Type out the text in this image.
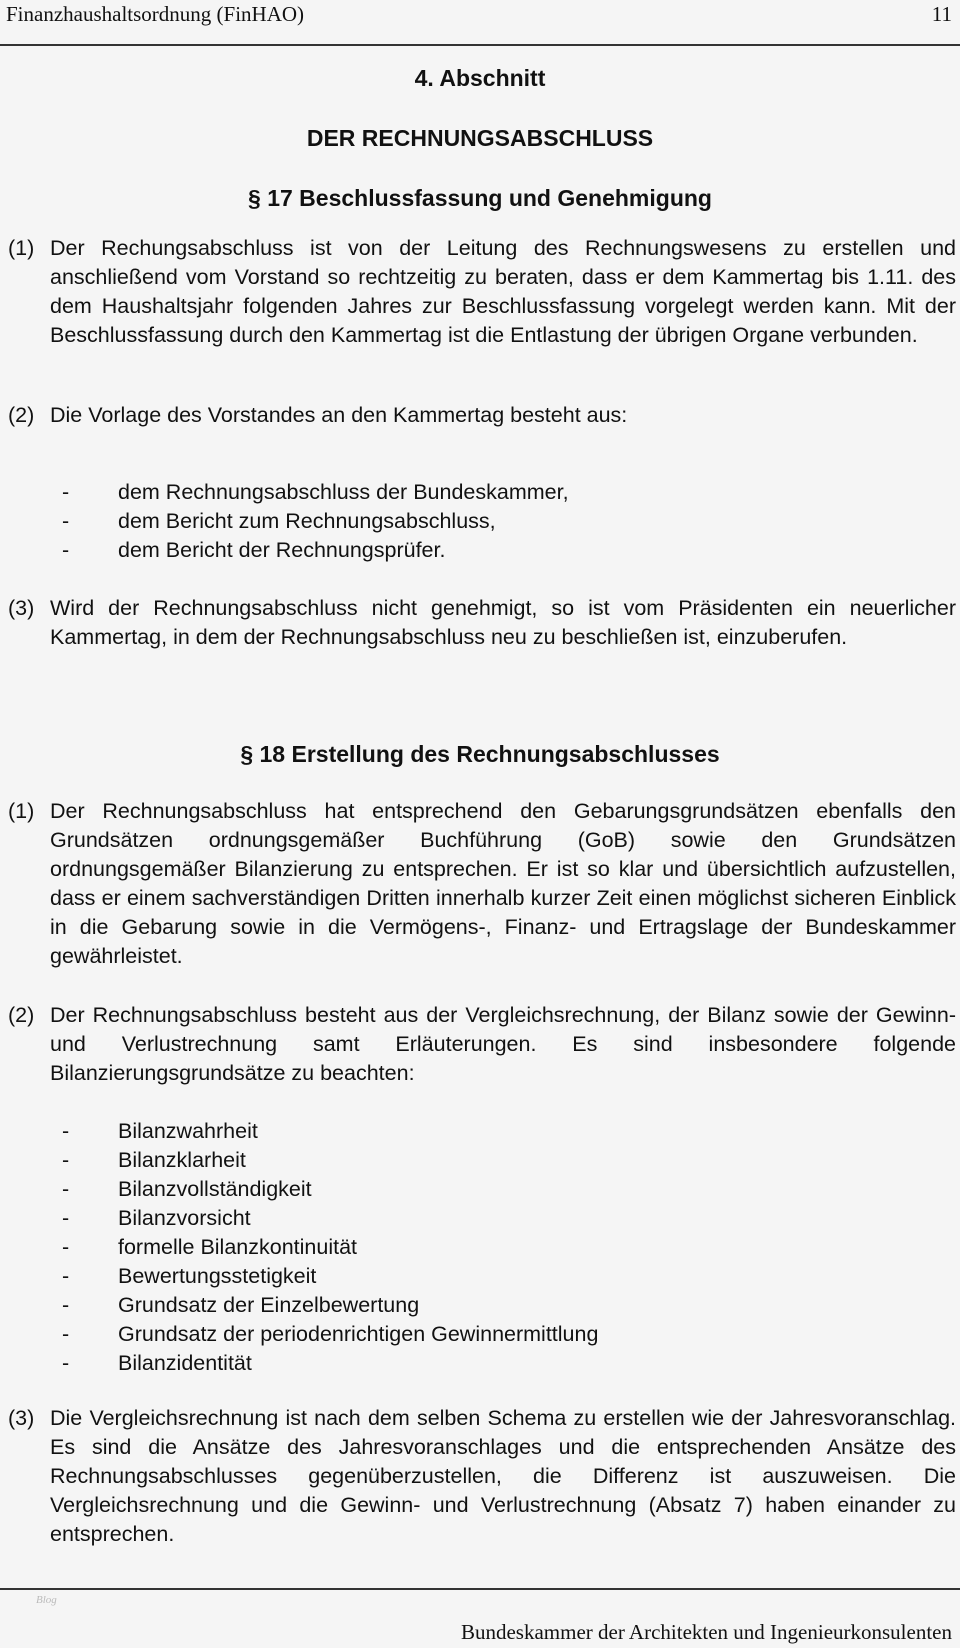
Finanzhaushaltsordnung (FinHAO)	11
4. Abschnitt
DER RECHNUNGSABSCHLUSS
§ 17 Beschlussfassung und Genehmigung
(1) Der Rechungsabschluss ist von der Leitung des Rechnungswesens zu erstellen und anschließend vom Vorstand so rechtzeitig zu beraten, dass er dem Kammertag bis 1.11. des dem Haushaltsjahr folgenden Jahres zur Beschlussfassung vorgelegt werden kann. Mit der Beschlussfassung durch den Kammertag ist die Entlastung der übrigen Organe verbunden.
(2) Die Vorlage des Vorstandes an den Kammertag besteht aus:
- dem Rechnungsabschluss der Bundeskammer,
- dem Bericht zum Rechnungsabschluss,
- dem Bericht der Rechnungsprüfer.
(3) Wird der Rechnungsabschluss nicht genehmigt, so ist vom Präsidenten ein neuerlicher Kammertag, in dem der Rechnungsabschluss neu zu beschließen ist, einzuberufen.
§ 18 Erstellung des Rechnungsabschlusses
(1) Der Rechnungsabschluss hat entsprechend den Gebarungsgrundsätzen ebenfalls den Grundsätzen ordnungsgemäßer Buchführung (GoB) sowie den Grundsätzen ordnungsgemäßer Bilanzierung zu entsprechen. Er ist so klar und übersichtlich aufzustellen, dass er einem sachverständigen Dritten innerhalb kurzer Zeit einen möglichst sicheren Einblick in die Gebarung sowie in die Vermögens-, Finanz- und Ertragslage der Bundeskammer gewährleistet.
(2) Der Rechnungsabschluss besteht aus der Vergleichsrechnung, der Bilanz sowie der Gewinn- und Verlustrechnung samt Erläuterungen. Es sind insbesondere folgende Bilanzierungsgrundsätze zu beachten:
- Bilanzwahrheit
- Bilanzklarheit
- Bilanzvollständigkeit
- Bilanzvorsicht
- formelle Bilanzkontinuität
- Bewertungsstetigkeit
- Grundsatz der Einzelbewertung
- Grundsatz der periodenrichtigen Gewinnermittlung
- Bilanzidentität
(3) Die Vergleichsrechnung ist nach dem selben Schema zu erstellen wie der Jahresvoranschlag. Es sind die Ansätze des Jahresvoranschlages und die entsprechenden Ansätze des Rechnungsabschlusses gegenüberzustellen, die Differenz ist auszuweisen. Die Vergleichsrechnung und die Gewinn- und Verlustrechnung (Absatz 7) haben einander zu entsprechen.
Blog
Bundeskammer der Architekten und Ingenieurkonsulenten
